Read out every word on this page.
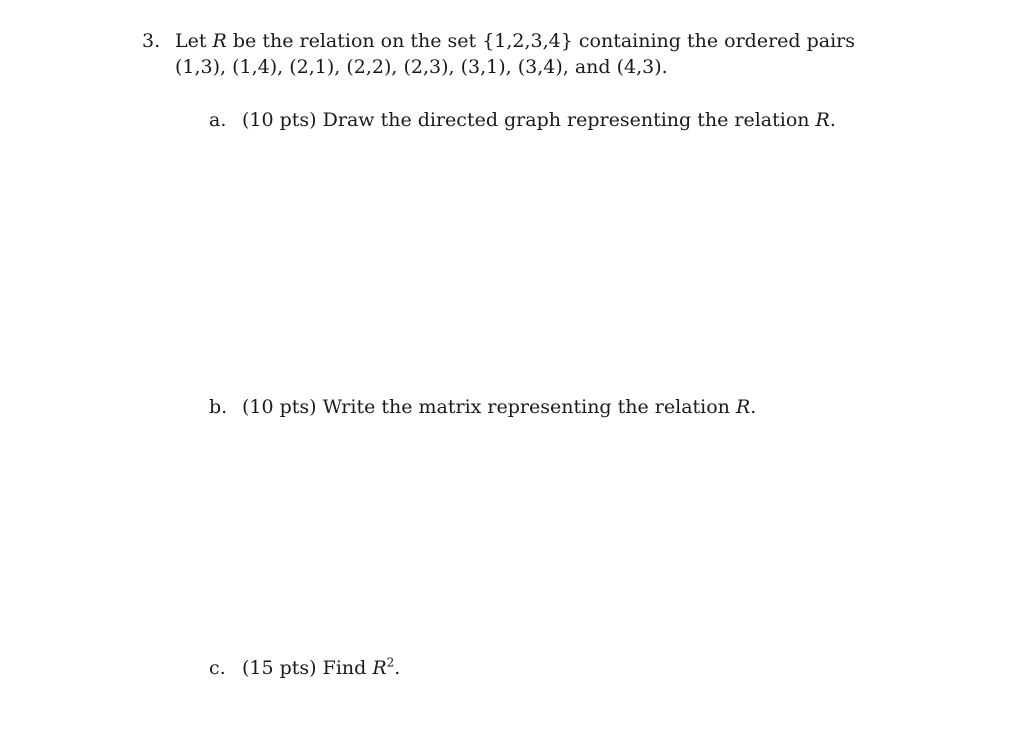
3. Let R be the relation on the set {1,2,3,4} containing the ordered pairs
(1,3), (1,4), (2,1), (2,2), (2,3), (3,1), (3,4), and (4,3).
a. (10 pts) Draw the directed graph representing the relation R.
b. (10 pts) Write the matrix representing the relation R.
c. (15 pts) Find $R^2$.
